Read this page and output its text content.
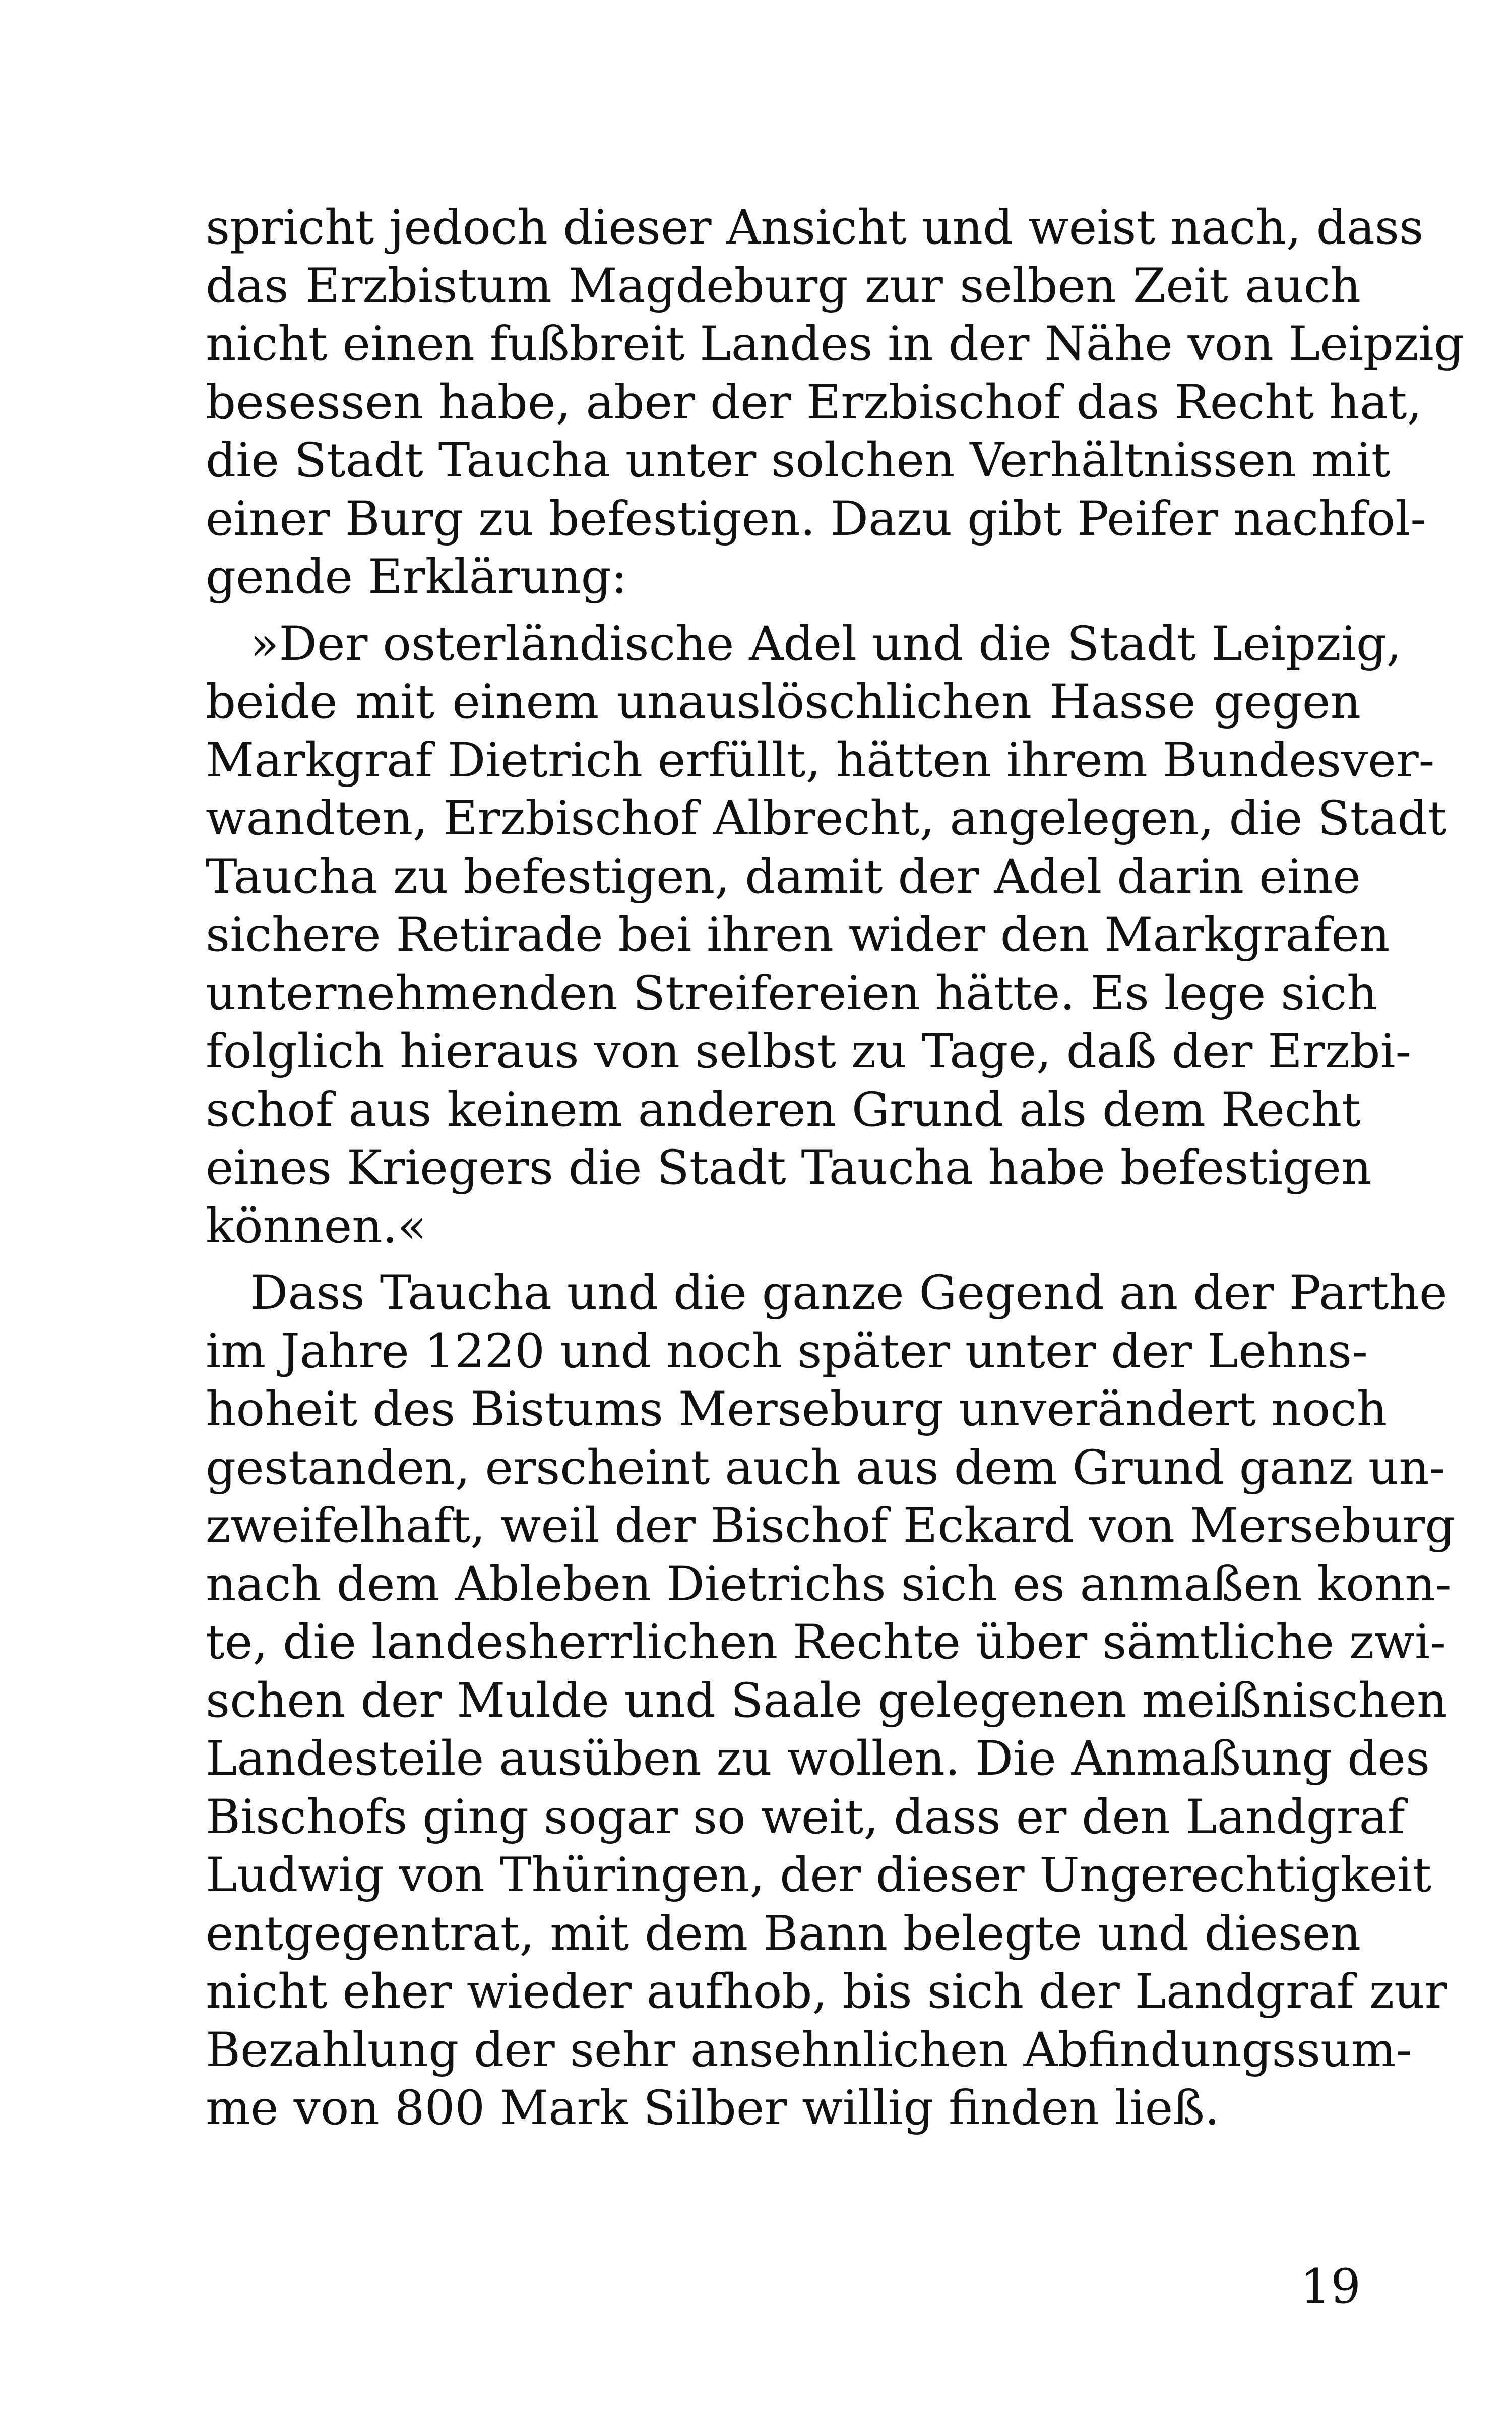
spricht jedoch dieser Ansicht und weist nach, dass
das Erzbistum Magdeburg zur selben Zeit auch
nicht einen fußbreit Landes in der Nähe von Leipzig
besessen habe, aber der Erzbischof das Recht hat,
die Stadt Taucha unter solchen Verhältnissen mit
einer Burg zu befestigen. Dazu gibt Peifer nachfol-
gende Erklärung:
»Der osterländische Adel und die Stadt Leipzig,
beide mit einem unauslöschlichen Hasse gegen
Markgraf Dietrich erfüllt, hätten ihrem Bundesver-
wandten, Erzbischof Albrecht, angelegen, die Stadt
Taucha zu befestigen, damit der Adel darin eine
sichere Retirade bei ihren wider den Markgrafen
unternehmenden Streifereien hätte. Es lege sich
folglich hieraus von selbst zu Tage, daß der Erzbi-
schof aus keinem anderen Grund als dem Recht
eines Kriegers die Stadt Taucha habe befestigen
können.«
Dass Taucha und die ganze Gegend an der Parthe
im Jahre 1220 und noch später unter der Lehns-
hoheit des Bistums Merseburg unverändert noch
gestanden, erscheint auch aus dem Grund ganz un-
zweifelhaft, weil der Bischof Eckard von Merseburg
nach dem Ableben Dietrichs sich es anmaßen konn-
te, die landesherrlichen Rechte über sämtliche zwi-
schen der Mulde und Saale gelegenen meißnischen
Landesteile ausüben zu wollen. Die Anmaßung des
Bischofs ging sogar so weit, dass er den Landgraf
Ludwig von Thüringen, der dieser Ungerechtigkeit
entgegentrat, mit dem Bann belegte und diesen
nicht eher wieder aufhob, bis sich der Landgraf zur
Bezahlung der sehr ansehnlichen Abfindungssum-
me von 800 Mark Silber willig finden ließ.
19
